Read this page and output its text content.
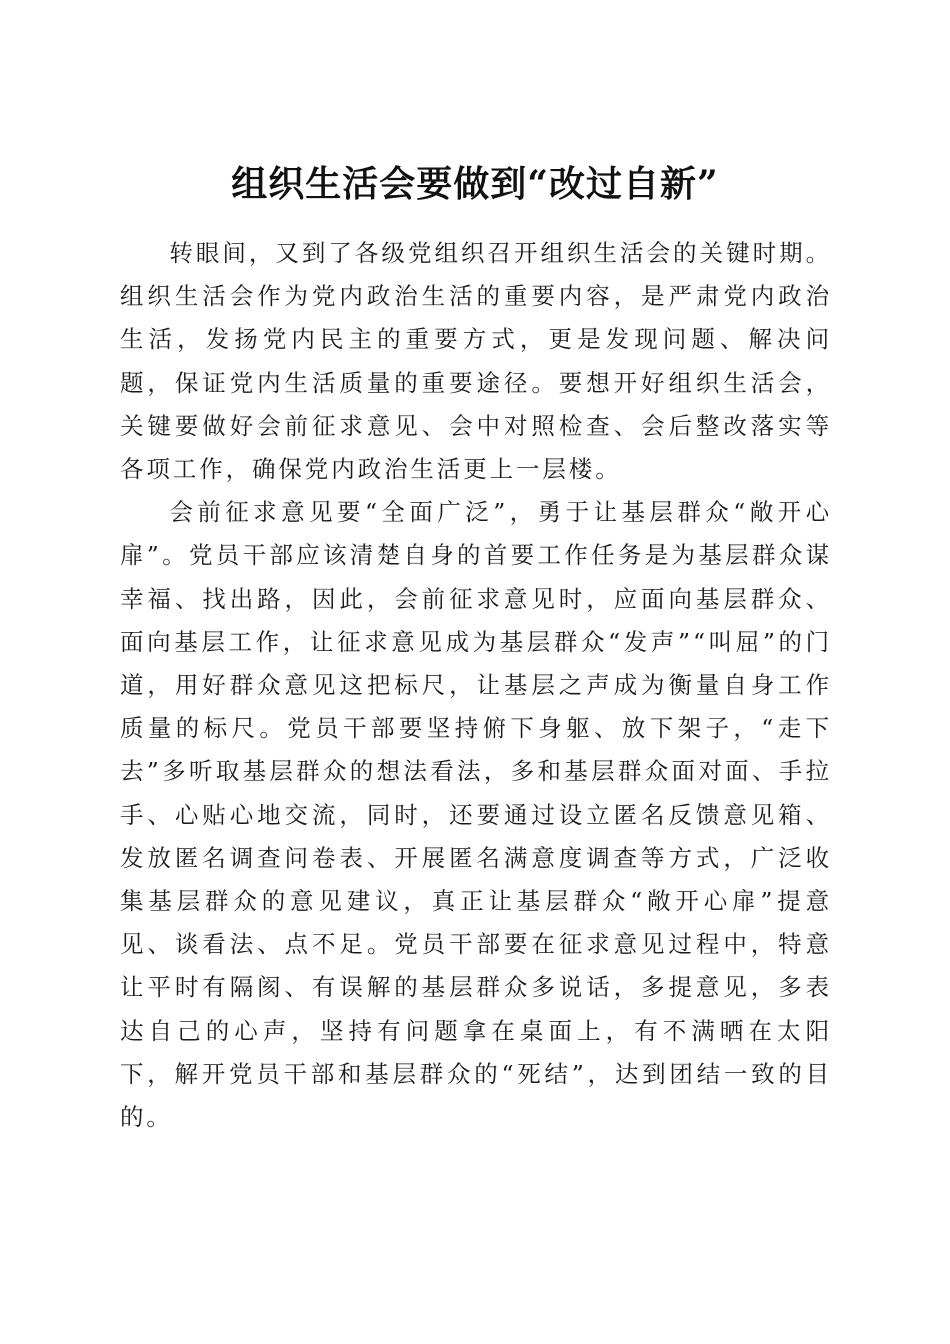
组织生活会要做到“改过自新”

转眼间，又到了各级党组织召开组织生活会的关键时期。组织生活会作为党内政治生活的重要内容，是严肃党内政治生活，发扬党内民主的重要方式，更是发现问题、解决问题，保证党内生活质量的重要途径。要想开好组织生活会，关键要做好会前征求意见、会中对照检查、会后整改落实等各项工作，确保党内政治生活更上一层楼。

会前征求意见要“全面广泛”，勇于让基层群众“敞开心扉”。党员干部应该清楚自身的首要工作任务是为基层群众谋幸福、找出路，因此，会前征求意见时，应面向基层群众、面向基层工作，让征求意见成为基层群众“发声”“叫屈”的门道，用好群众意见这把标尺，让基层之声成为衡量自身工作质量的标尺。党员干部要坚持俯下身躯、放下架子，“走下去”多听取基层群众的想法看法，多和基层群众面对面、手拉手、心贴心地交流，同时，还要通过设立匿名反馈意见箱、发放匿名调查问卷表、开展匿名满意度调查等方式，广泛收集基层群众的意见建议，真正让基层群众“敞开心扉”提意见、谈看法、点不足。党员干部要在征求意见过程中，特意让平时有隔阂、有误解的基层群众多说话，多提意见，多表达自己的心声，坚持有问题拿在桌面上，有不满晒在太阳下，解开党员干部和基层群众的“死结”，达到团结一致的目的。
